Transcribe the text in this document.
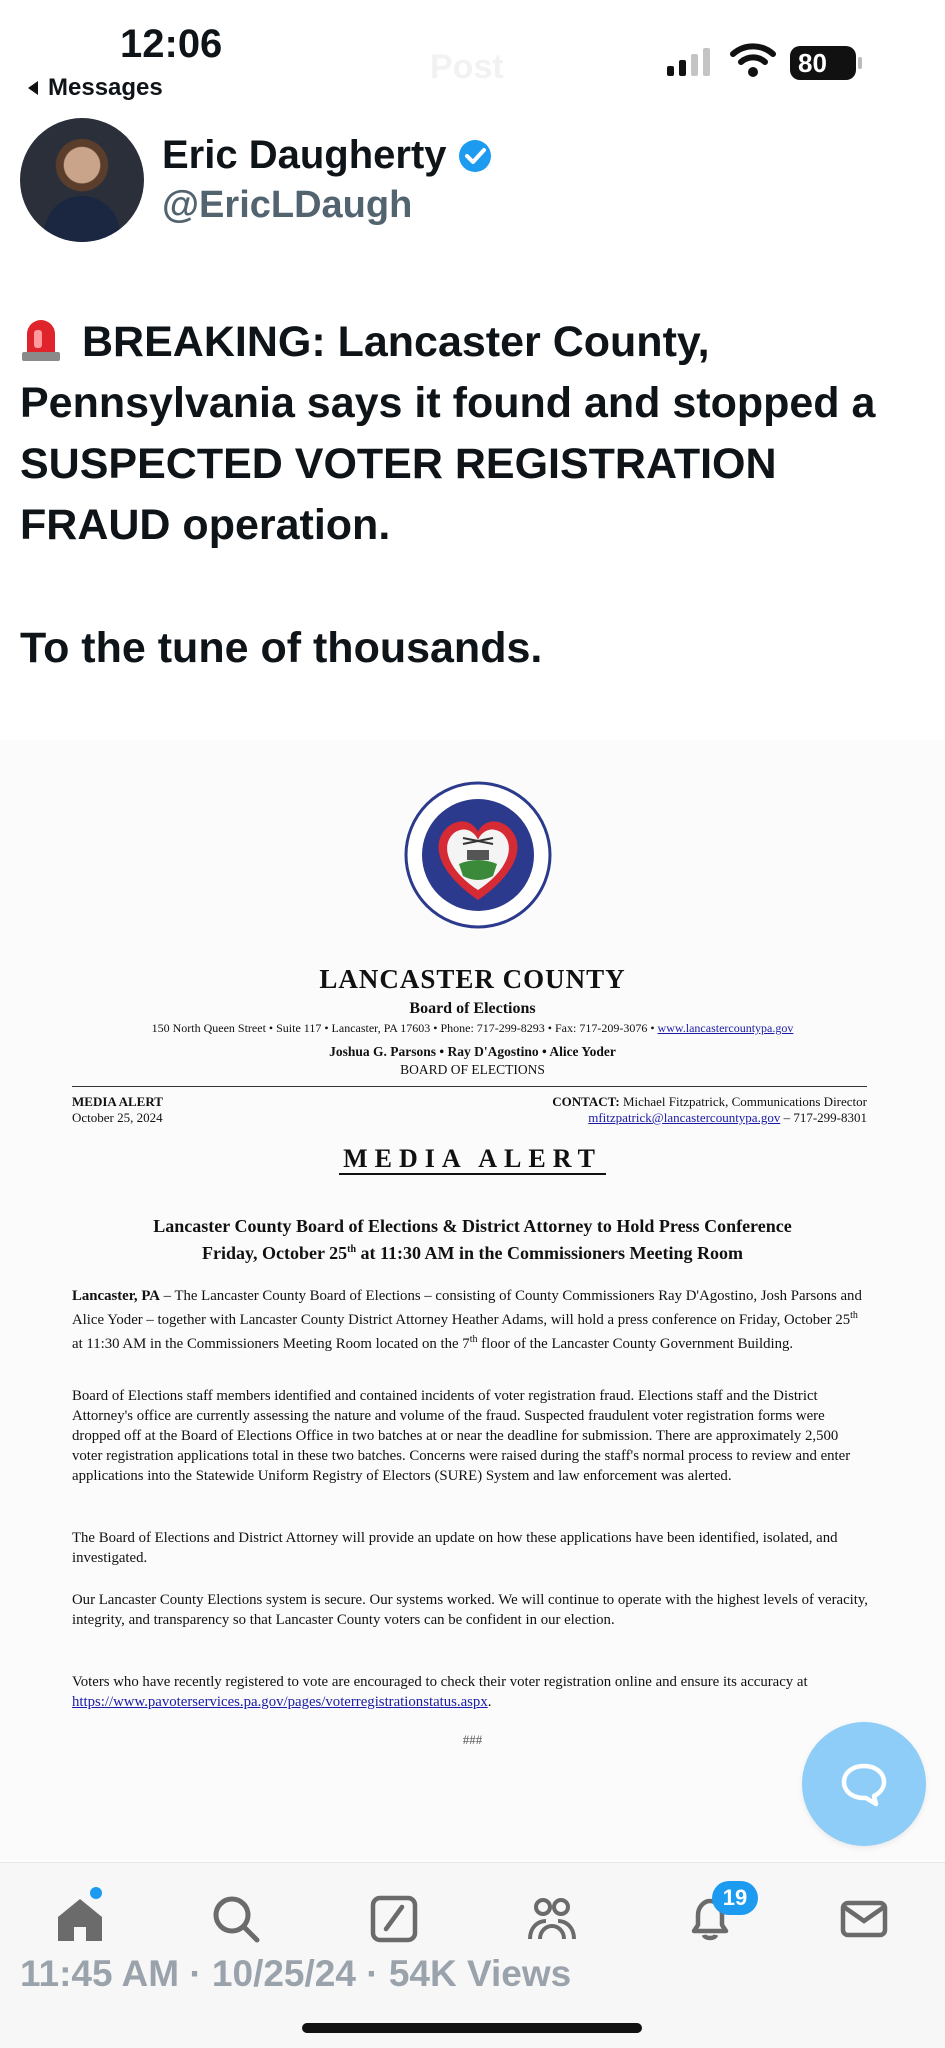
12:06
Messages
Post	80
Eric Daugherty
@EricLDaugh
BREAKING: Lancaster County, Pennsylvania says it found and stopped a SUSPECTED VOTER REGISTRATION FRAUD operation.
To the tune of thousands.
LANCASTER COUNTY
Board of Elections
150 North Queen Street • Suite 117 • Lancaster, PA 17603 • Phone: 717-299-8293 • Fax: 717-209-3076 • www.lancastercountypa.gov
Joshua G. Parsons • Ray D'Agostino • Alice Yoder
BOARD OF ELECTIONS
MEDIA ALERT
October 25, 2024
CONTACT: Michael Fitzpatrick, Communications Director
mfitzpatrick@lancastercountypa.gov – 717-299-8301
MEDIA ALERT
Lancaster County Board of Elections & District Attorney to Hold Press Conference
Friday, October 25th at 11:30 AM in the Commissioners Meeting Room
Lancaster, PA – The Lancaster County Board of Elections – consisting of County Commissioners Ray D'Agostino, Josh Parsons and Alice Yoder – together with Lancaster County District Attorney Heather Adams, will hold a press conference on Friday, October 25th at 11:30 AM in the Commissioners Meeting Room located on the 7th floor of the Lancaster County Government Building.
Board of Elections staff members identified and contained incidents of voter registration fraud. Elections staff and the District Attorney's office are currently assessing the nature and volume of the fraud. Suspected fraudulent voter registration forms were dropped off at the Board of Elections Office in two batches at or near the deadline for submission. There are approximately 2,500 voter registration applications total in these two batches. Concerns were raised during the staff's normal process to review and enter applications into the Statewide Uniform Registry of Electors (SURE) System and law enforcement was alerted.
The Board of Elections and District Attorney will provide an update on how these applications have been identified, isolated, and investigated.
Our Lancaster County Elections system is secure. Our systems worked. We will continue to operate with the highest levels of veracity, integrity, and transparency so that Lancaster County voters can be confident in our election.
Voters who have recently registered to vote are encouraged to check their voter registration online and ensure its accuracy at https://www.pavoterservices.pa.gov/pages/voterregistrationstatus.aspx.
###
19
11:45 AM · 10/25/24 · 54K Views
